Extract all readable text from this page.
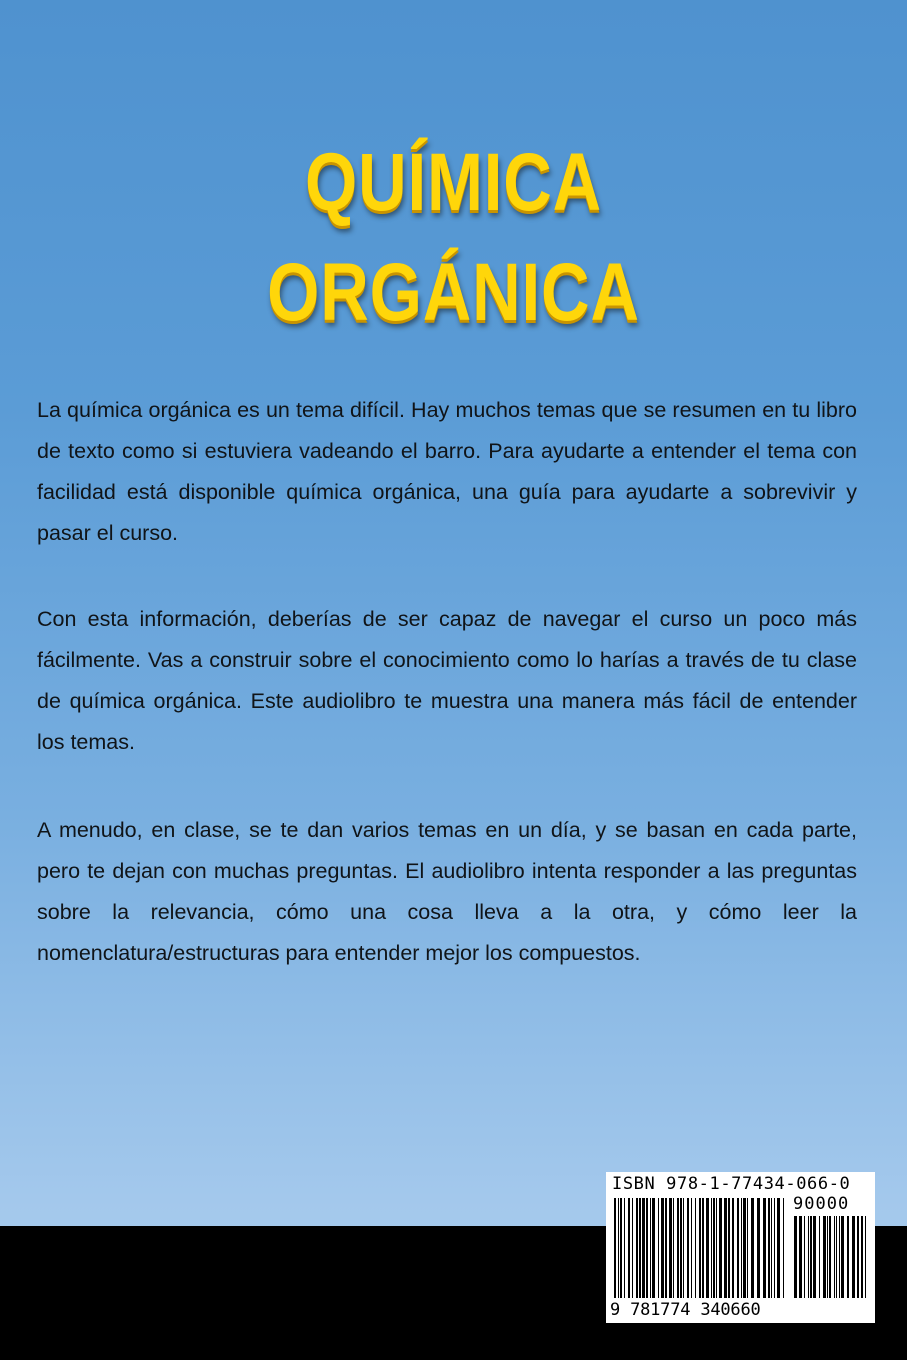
QUÍMICA
ORGÁNICA

La química orgánica es un tema difícil. Hay muchos temas que se resumen en tu libro de texto como si estuviera vadeando el barro. Para ayudarte a entender el tema con facilidad está disponible química orgánica, una guía para ayudarte a sobrevivir y pasar el curso.

Con esta información, deberías de ser capaz de navegar el curso un poco más fácilmente. Vas a construir sobre el conocimiento como lo harías a través de tu clase de química orgánica. Este audiolibro te muestra una manera más fácil de entender los temas.

A menudo, en clase, se te dan varios temas en un día, y se basan en cada parte, pero te dejan con muchas preguntas. El audiolibro intenta responder a las preguntas sobre la relevancia, cómo una cosa lleva a la otra, y cómo leer la nomenclatura/estructuras para entender mejor los compuestos.

ISBN 978-1-77434-066-0
90000
9 781774 340660
